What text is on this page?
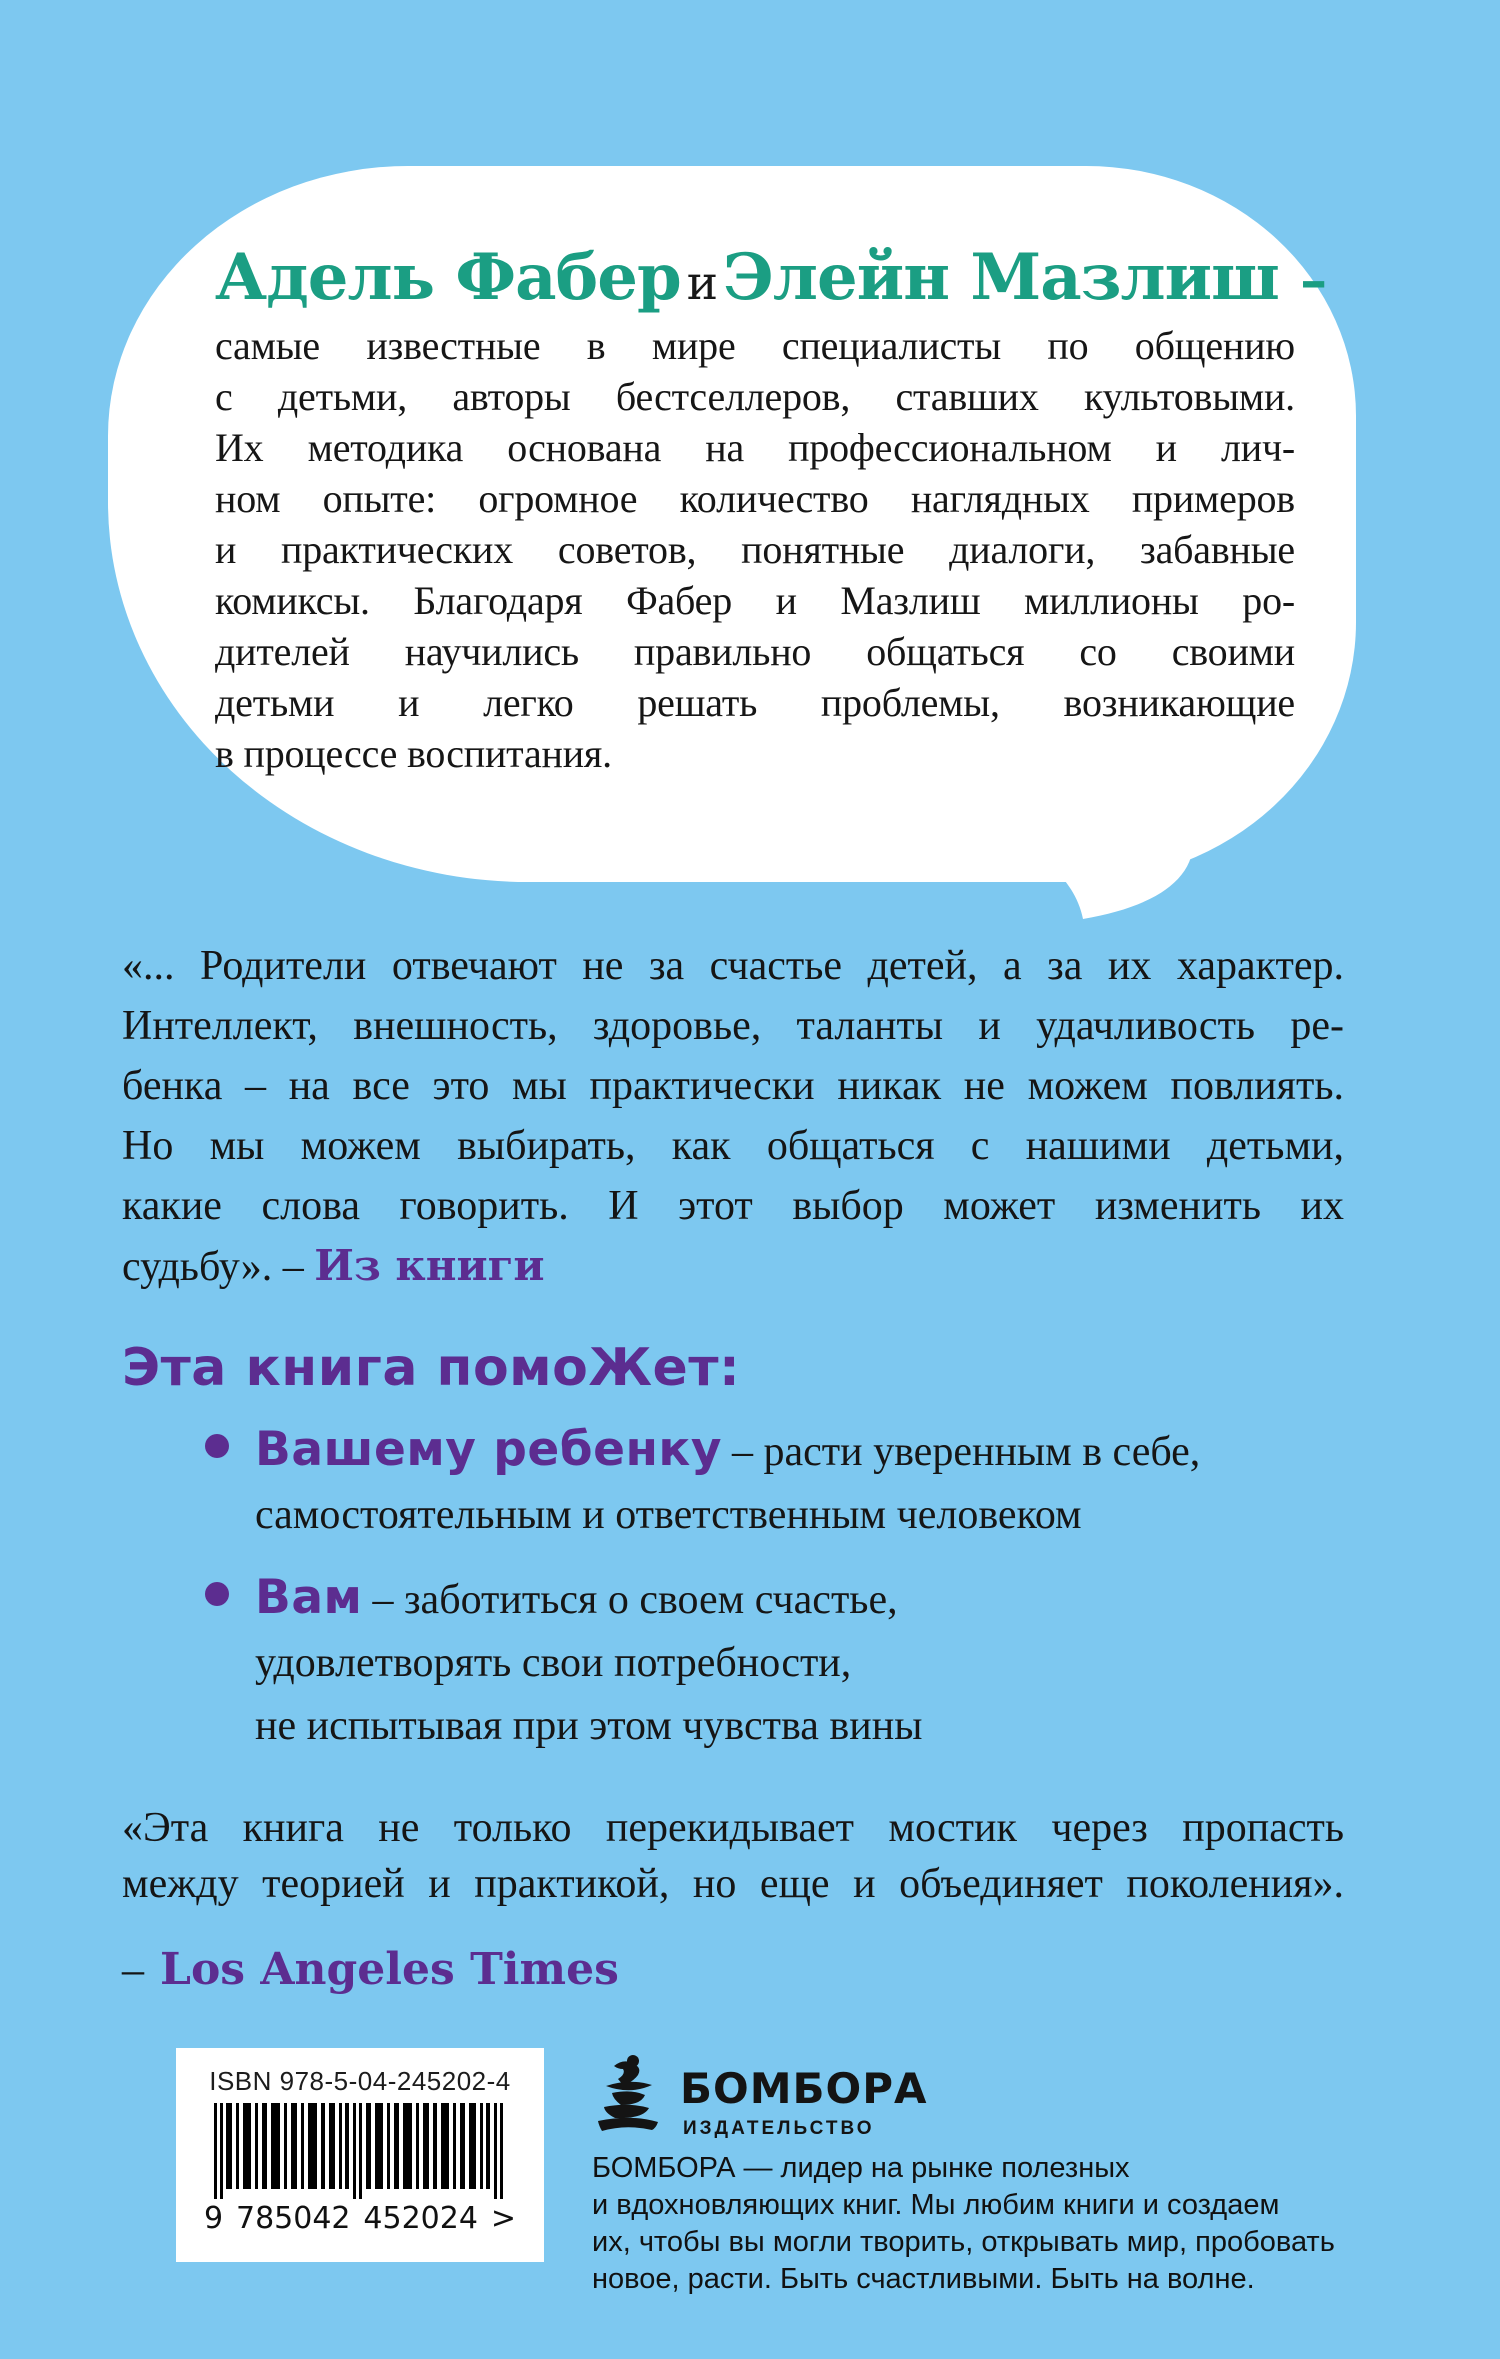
Адель Фабер иЭлейн Мазлиш –
самые известные в мире специалисты по общению
с детьми, авторы бестселлеров, ставших культовыми.
Их методика основана на профессиональном и лич-
ном опыте: огромное количество наглядных примеров
и практических советов, понятные диалоги, забавные
комиксы. Благодаря Фабер и Мазлиш миллионы ро-
дителей научились правильно общаться со своими
детьми и легко решать проблемы, возникающие
в процессе воспитания.
«... Родители отвечают не за счастье детей, а за их характер.
Интеллект, внешность, здоровье, таланты и удачливость ре-
бенка – на все это мы практически никак не можем повлиять.
Но мы можем выбирать, как общаться с нашими детьми,
какие слова говорить. И этот выбор может изменить их
судьбу». – Из книги
Эта книга помоЖет:
Вашему ребенку – расти уверенным в себе,
самостоятельным и ответственным человеком
Вам – заботиться о своем счастье,
удовлетворять свои потребности,
не испытывая при этом чувства вины
«Эта книга не только перекидывает мостик через пропасть
между теорией и практикой, но еще и объединяет поколения».
– Los Angeles Times
ISBN 978-5-04-245202-4
9 785042 452024 >
БОМБОРА
ИЗДАТЕЛЬСТВО
БОМБОРА — лидер на рынке полезных
и вдохновляющих книг. Мы любим книги и создаем
их, чтобы вы могли творить, открывать мир, пробовать
новое, расти. Быть счастливыми. Быть на волне.
